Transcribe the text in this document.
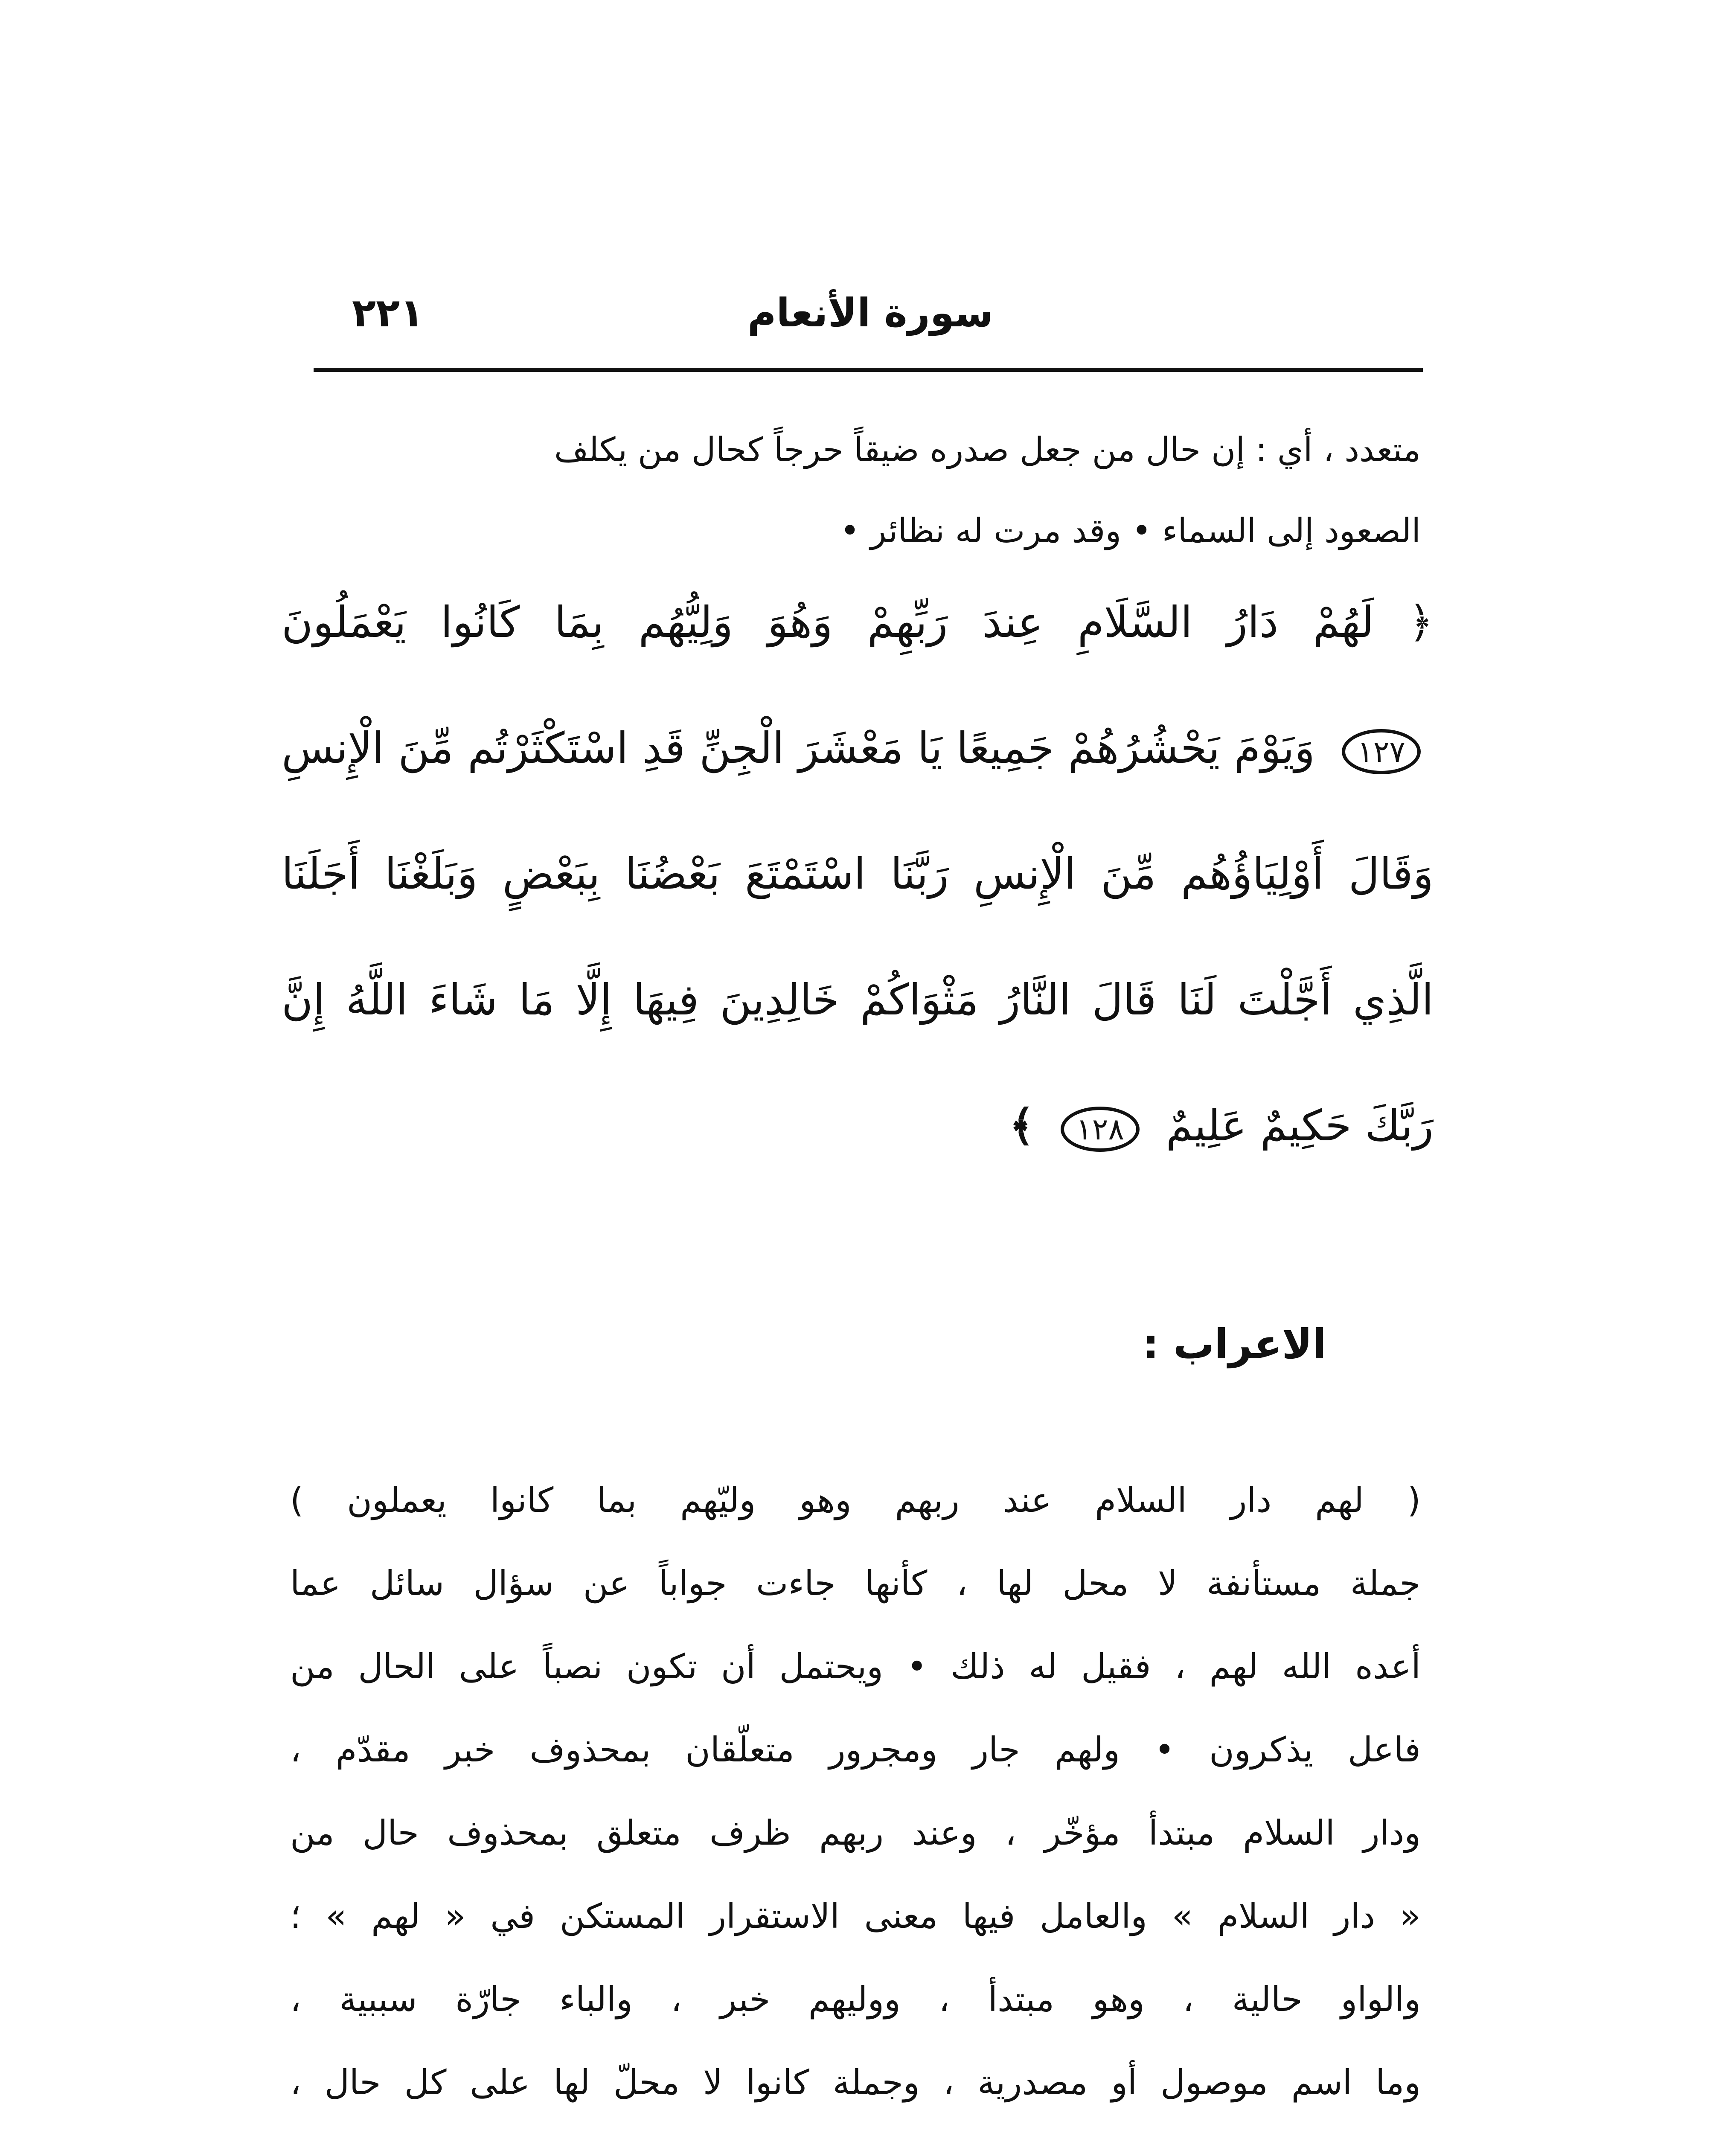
سورة الأنعام
٢٢١
متعدد ، أي : إن حال من جعل صدره ضيقاً حرجاً كحال من يكلف
الصعود إلى السماء • وقد مرت له نظائر •
﴿ لَهُمْ دَارُ السَّلَامِ عِندَ رَبِّهِمْ وَهُوَ وَلِيُّهُم بِمَا كَانُوا يَعْمَلُونَ
١٢٧ وَيَوْمَ يَحْشُرُهُمْ جَمِيعًا يَا مَعْشَرَ الْجِنِّ قَدِ اسْتَكْثَرْتُم مِّنَ الْإِنسِ
وَقَالَ أَوْلِيَاؤُهُم مِّنَ الْإِنسِ رَبَّنَا اسْتَمْتَعَ بَعْضُنَا بِبَعْضٍ وَبَلَغْنَا أَجَلَنَا
الَّذِي أَجَّلْتَ لَنَا قَالَ النَّارُ مَثْوَاكُمْ خَالِدِينَ فِيهَا إِلَّا مَا شَاءَ اللَّهُ إِنَّ
رَبَّكَ حَكِيمٌ عَلِيمٌ ١٢٨ ﴾
الاعراب :
( لهم دار السلام عند ربهم وهو وليّهم بما كانوا يعملون )
جملة مستأنفة لا محل لها ، كأنها جاءت جواباً عن سؤال سائل عما
أعده الله لهم ، فقيل له ذلك • ويحتمل أن تكون نصباً على الحال من
فاعل يذكرون • ولهم جار ومجرور متعلّقان بمحذوف خبر مقدّم ،
ودار السلام مبتدأ مؤخّر ، وعند ربهم ظرف متعلق بمحذوف حال من
« دار السلام » والعامل فيها معنى الاستقرار المستكن في « لهم » ؛
والواو حالية ، وهو مبتدأ ، ووليهم خبر ، والباء جارّة سببية ،
وما اسم موصول أو مصدرية ، وجملة كانوا لا محلّ لها على كل حال ،
